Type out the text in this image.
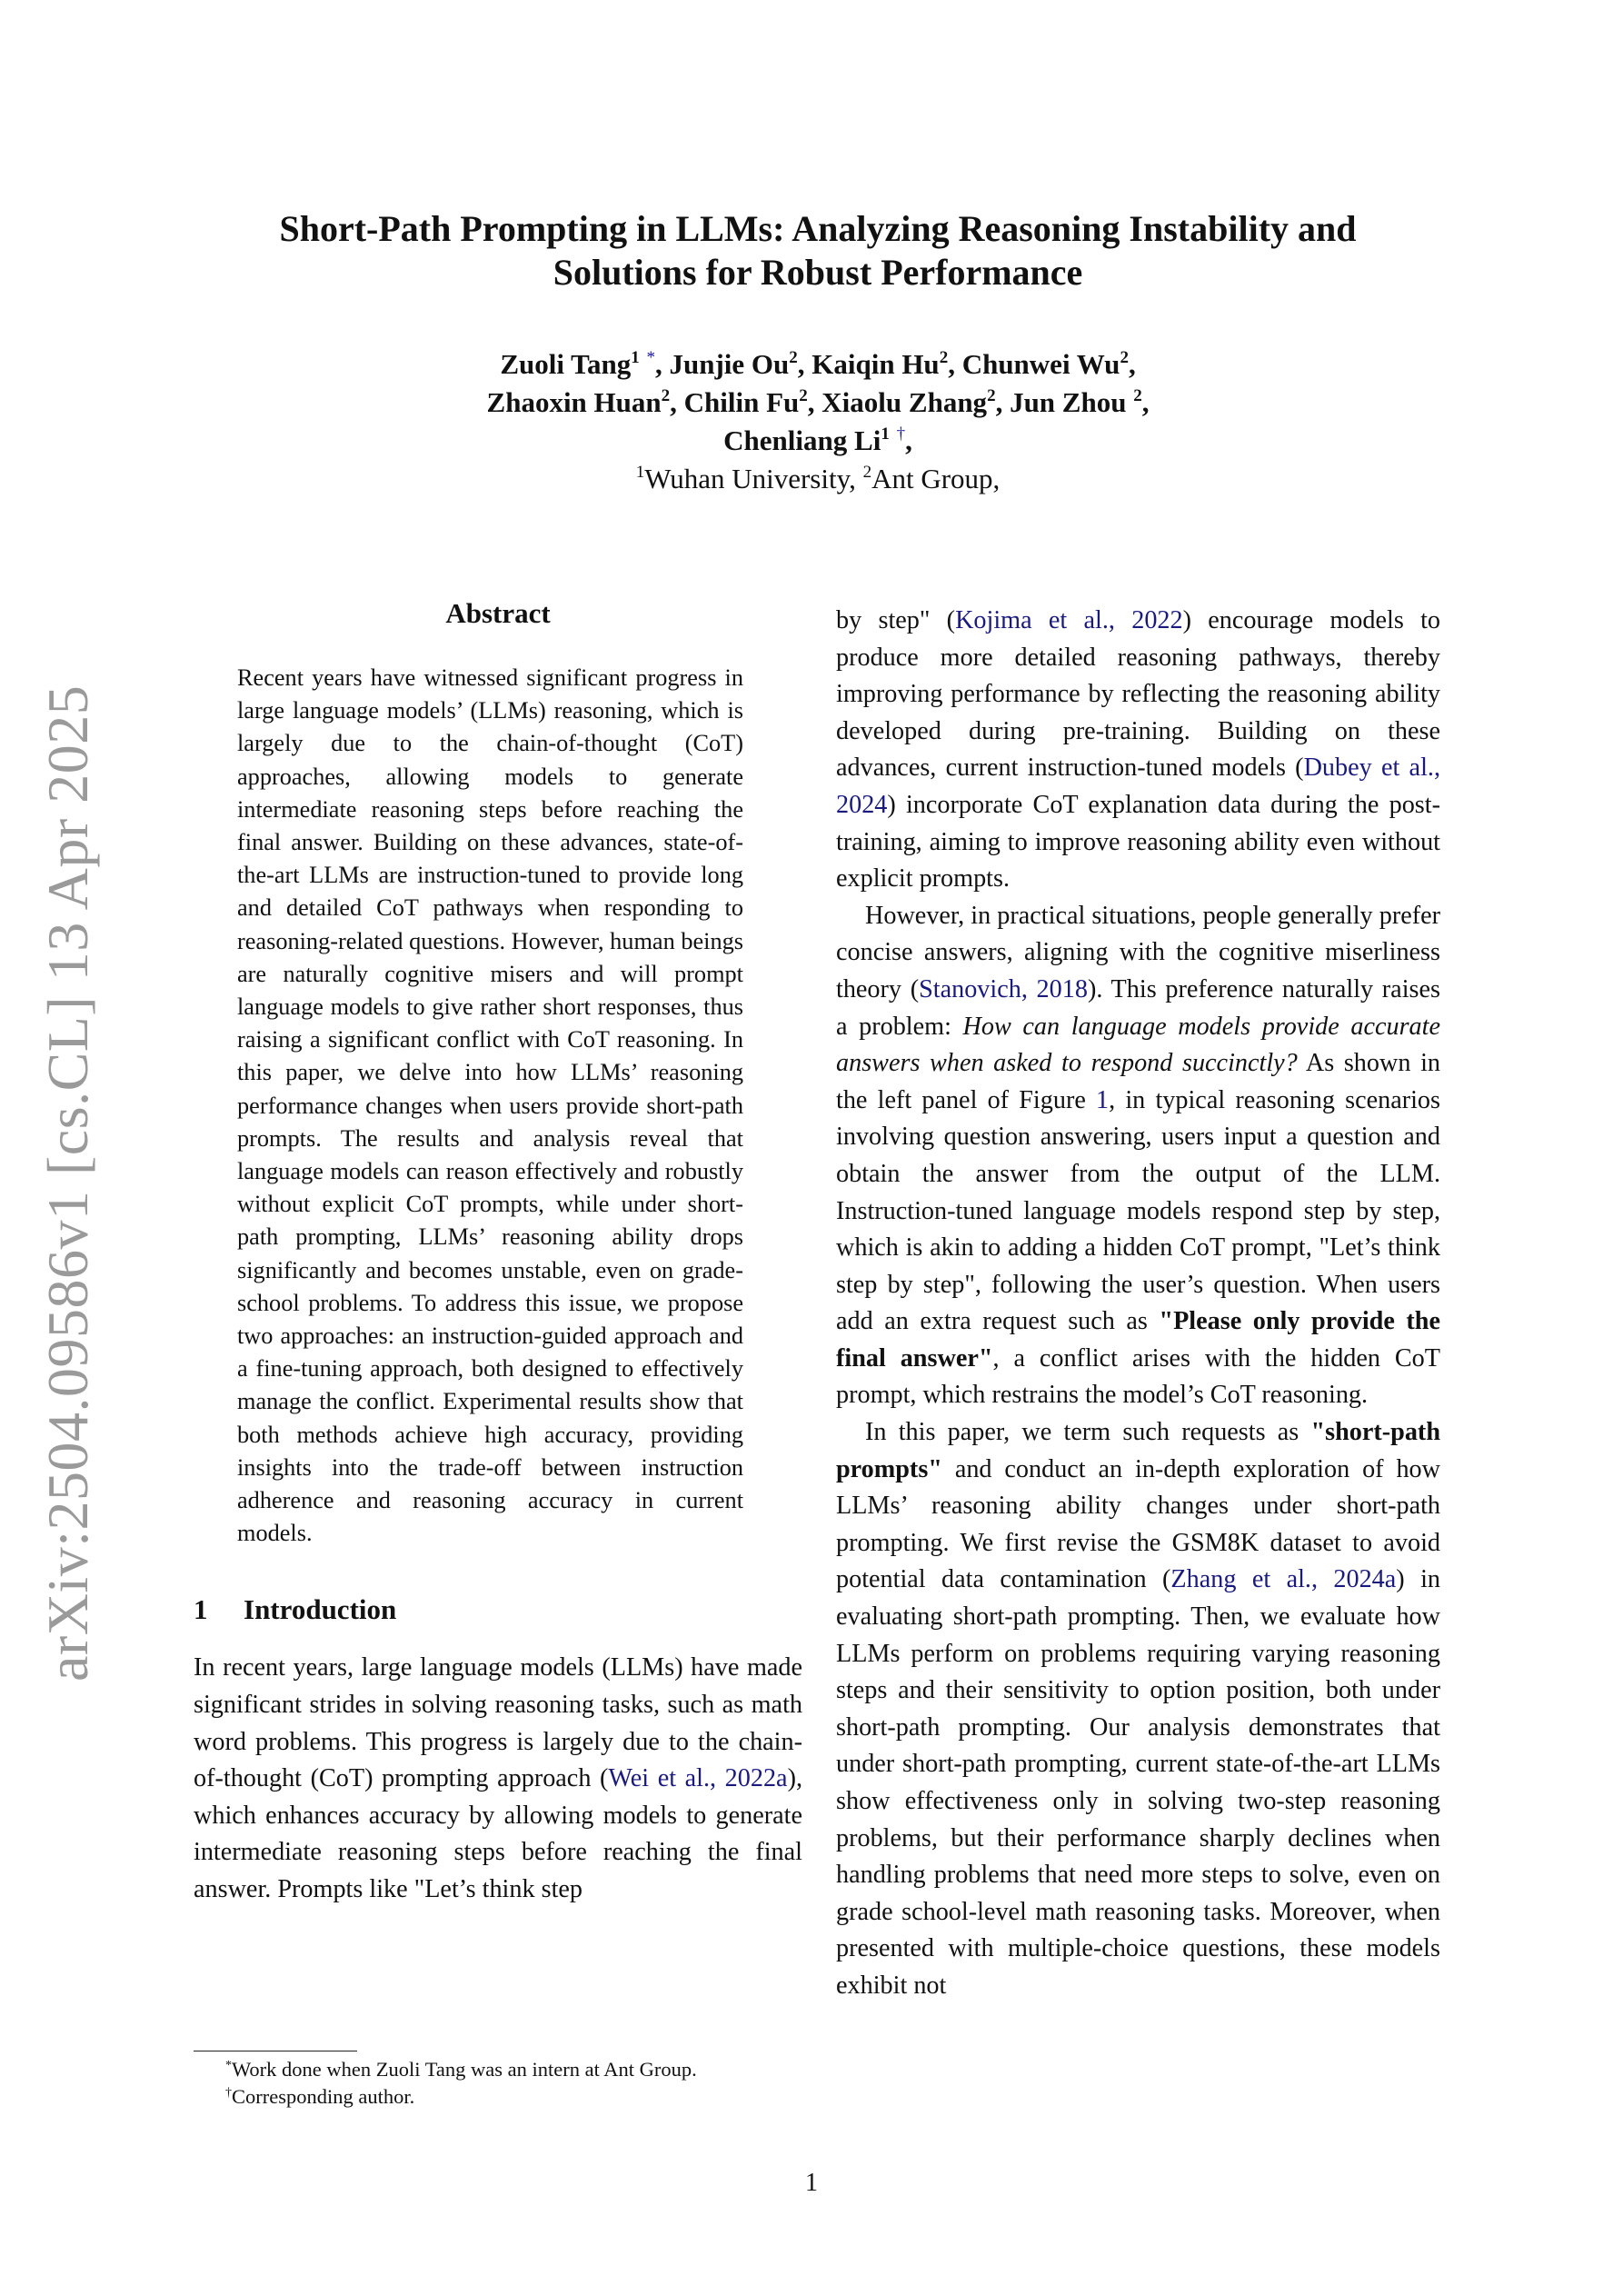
arXiv:2504.09586v1 [cs.CL] 13 Apr 2025
Short-Path Prompting in LLMs: Analyzing Reasoning Instability and
Solutions for Robust Performance
Zuoli Tang$^1$ *, Junjie Ou$^2$, Kaiqin Hu$^2$, Chunwei Wu$^2$,
Zhaoxin Huan$^2$, Chilin Fu$^2$, Xiaolu Zhang$^2$, Jun Zhou $^2$,
Chenliang Li$^1$ †,
$^1$Wuhan University, $^2$Ant Group,
Abstract
Recent years have witnessed significant progress in large language models’ (LLMs) reasoning, which is largely due to the chain-of-thought (CoT) approaches, allowing models to generate intermediate reasoning steps before reaching the final answer. Building on these advances, state-of-the-art LLMs are instruction-tuned to provide long and detailed CoT pathways when responding to reasoning-related questions. However, human beings are naturally cognitive misers and will prompt language models to give rather short responses, thus raising a significant conflict with CoT reasoning. In this paper, we delve into how LLMs’ reasoning performance changes when users provide short-path prompts. The results and analysis reveal that language models can reason effectively and robustly without explicit CoT prompts, while under short-path prompting, LLMs’ reasoning ability drops significantly and becomes unstable, even on grade-school problems. To address this issue, we propose two approaches: an instruction-guided approach and a fine-tuning approach, both designed to effectively manage the conflict. Experimental results show that both methods achieve high accuracy, providing insights into the trade-off between instruction adherence and reasoning accuracy in current models.
1 Introduction

In recent years, large language models (LLMs) have made significant strides in solving reasoning tasks, such as math word problems. This progress is largely due to the chain-of-thought (CoT) prompting approach (Wei et al., 2022a), which enhances accuracy by allowing models to generate intermediate reasoning steps before reaching the final answer. Prompts like "Let’s think step

by step" (Kojima et al., 2022) encourage models to produce more detailed reasoning pathways, thereby improving performance by reflecting the reasoning ability developed during pre-training. Building on these advances, current instruction-tuned models (Dubey et al., 2024) incorporate CoT explanation data during the post-training, aiming to improve reasoning ability even without explicit prompts.

However, in practical situations, people generally prefer concise answers, aligning with the cognitive miserliness theory (Stanovich, 2018). This preference naturally raises a problem: How can language models provide accurate answers when asked to respond succinctly? As shown in the left panel of Figure 1, in typical reasoning scenarios involving question answering, users input a question and obtain the answer from the output of the LLM. Instruction-tuned language models respond step by step, which is akin to adding a hidden CoT prompt, "Let’s think step by step", following the user’s question. When users add an extra request such as "Please only provide the final answer", a conflict arises with the hidden CoT prompt, which restrains the model’s CoT reasoning.

In this paper, we term such requests as "short-path prompts" and conduct an in-depth exploration of how LLMs’ reasoning ability changes under short-path prompting. We first revise the GSM8K dataset to avoid potential data contamination (Zhang et al., 2024a) in evaluating short-path prompting. Then, we evaluate how LLMs perform on problems requiring varying reasoning steps and their sensitivity to option position, both under short-path prompting. Our analysis demonstrates that under short-path prompting, current state-of-the-art LLMs show effectiveness only in solving two-step reasoning problems, but their performance sharply declines when handling problems that need more steps to solve, even on grade school-level math reasoning tasks. Moreover, when presented with multiple-choice questions, these models exhibit not

*Work done when Zuoli Tang was an intern at Ant Group.
†Corresponding author.
1
